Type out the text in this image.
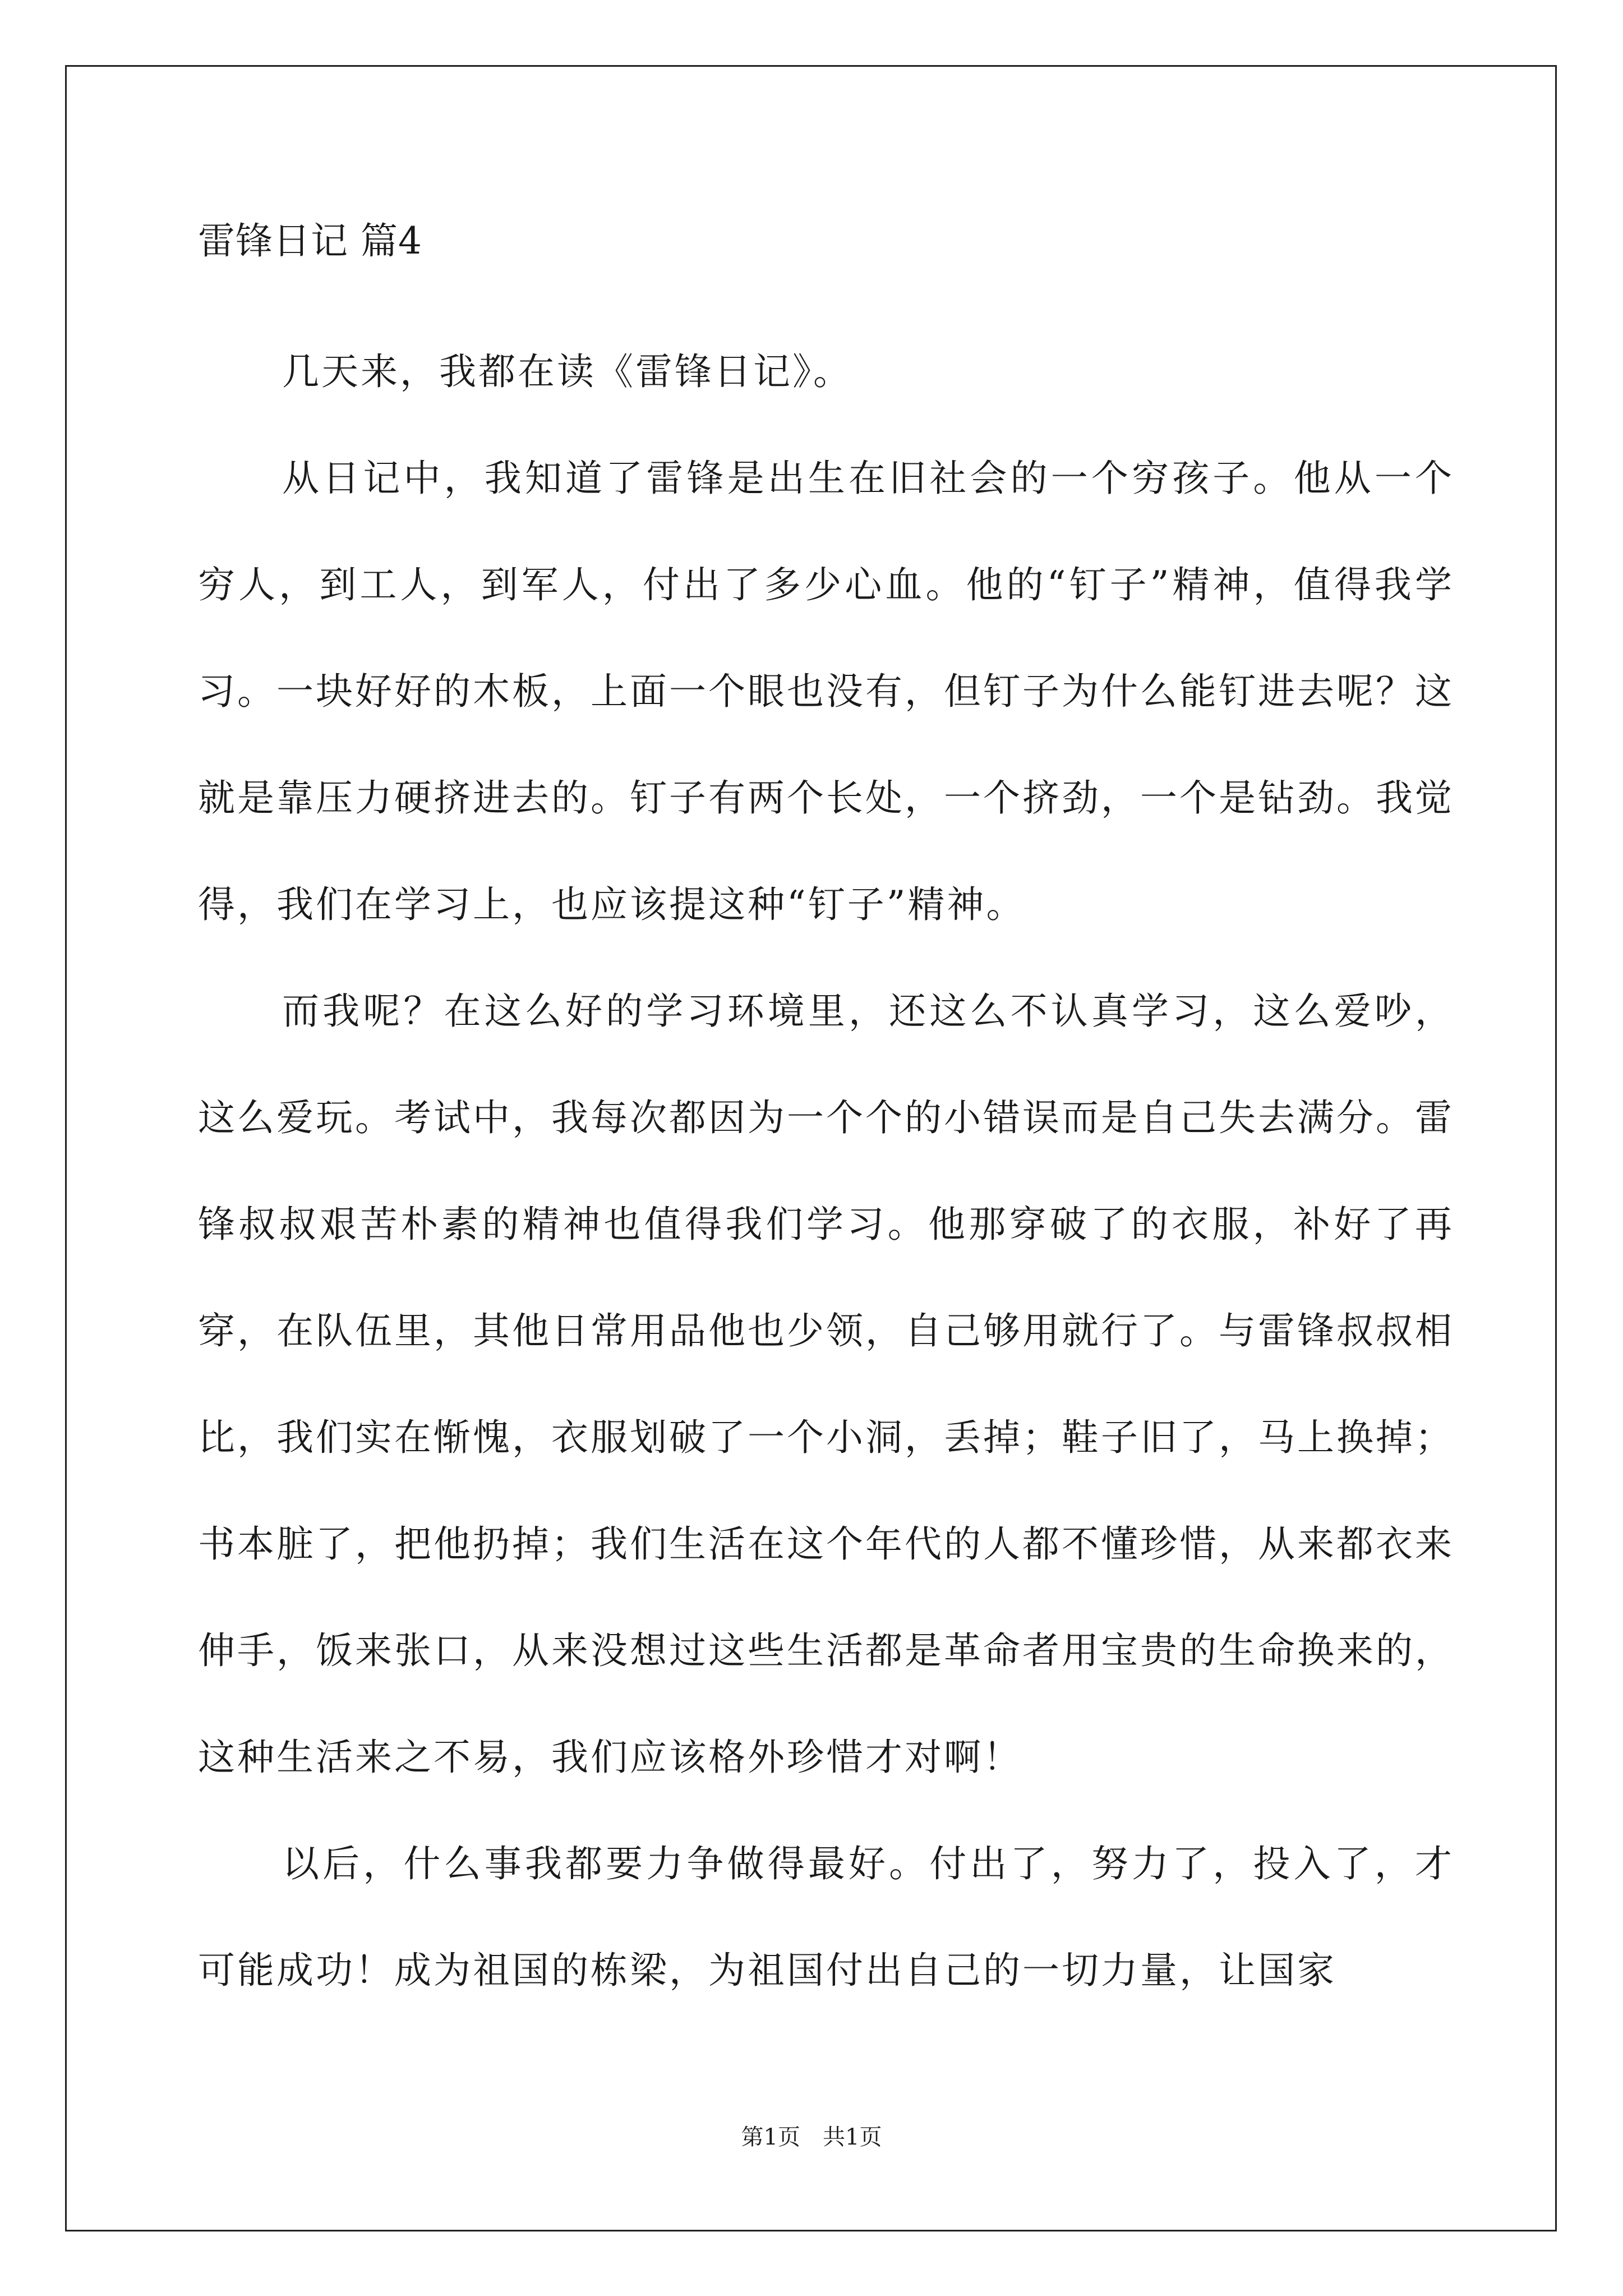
雷锋日记 篇4

几天来，我都在读《雷锋日记》。

从日记中，我知道了雷锋是出生在旧社会的一个穷孩子。他从一个穷人，到工人，到军人，付出了多少心血。他的“钉子”精神，值得我学习。一块好好的木板，上面一个眼也没有，但钉子为什么能钉进去呢？这就是靠压力硬挤进去的。钉子有两个长处，一个挤劲，一个是钻劲。我觉得，我们在学习上，也应该提这种“钉子”精神。

而我呢？在这么好的学习环境里，还这么不认真学习，这么爱吵，这么爱玩。考试中，我每次都因为一个个的小错误而是自己失去满分。雷锋叔叔艰苦朴素的精神也值得我们学习。他那穿破了的衣服，补好了再穿，在队伍里，其他日常用品他也少领，自己够用就行了。与雷锋叔叔相比，我们实在惭愧，衣服划破了一个小洞，丢掉；鞋子旧了，马上换掉；书本脏了，把他扔掉；我们生活在这个年代的人都不懂珍惜，从来都衣来伸手，饭来张口，从来没想过这些生活都是革命者用宝贵的生命换来的，这种生活来之不易，我们应该格外珍惜才对啊！

以后，什么事我都要力争做得最好。付出了，努力了，投入了，才可能成功！成为祖国的栋梁，为祖国付出自己的一切力量，让国家

第1页　共1页
